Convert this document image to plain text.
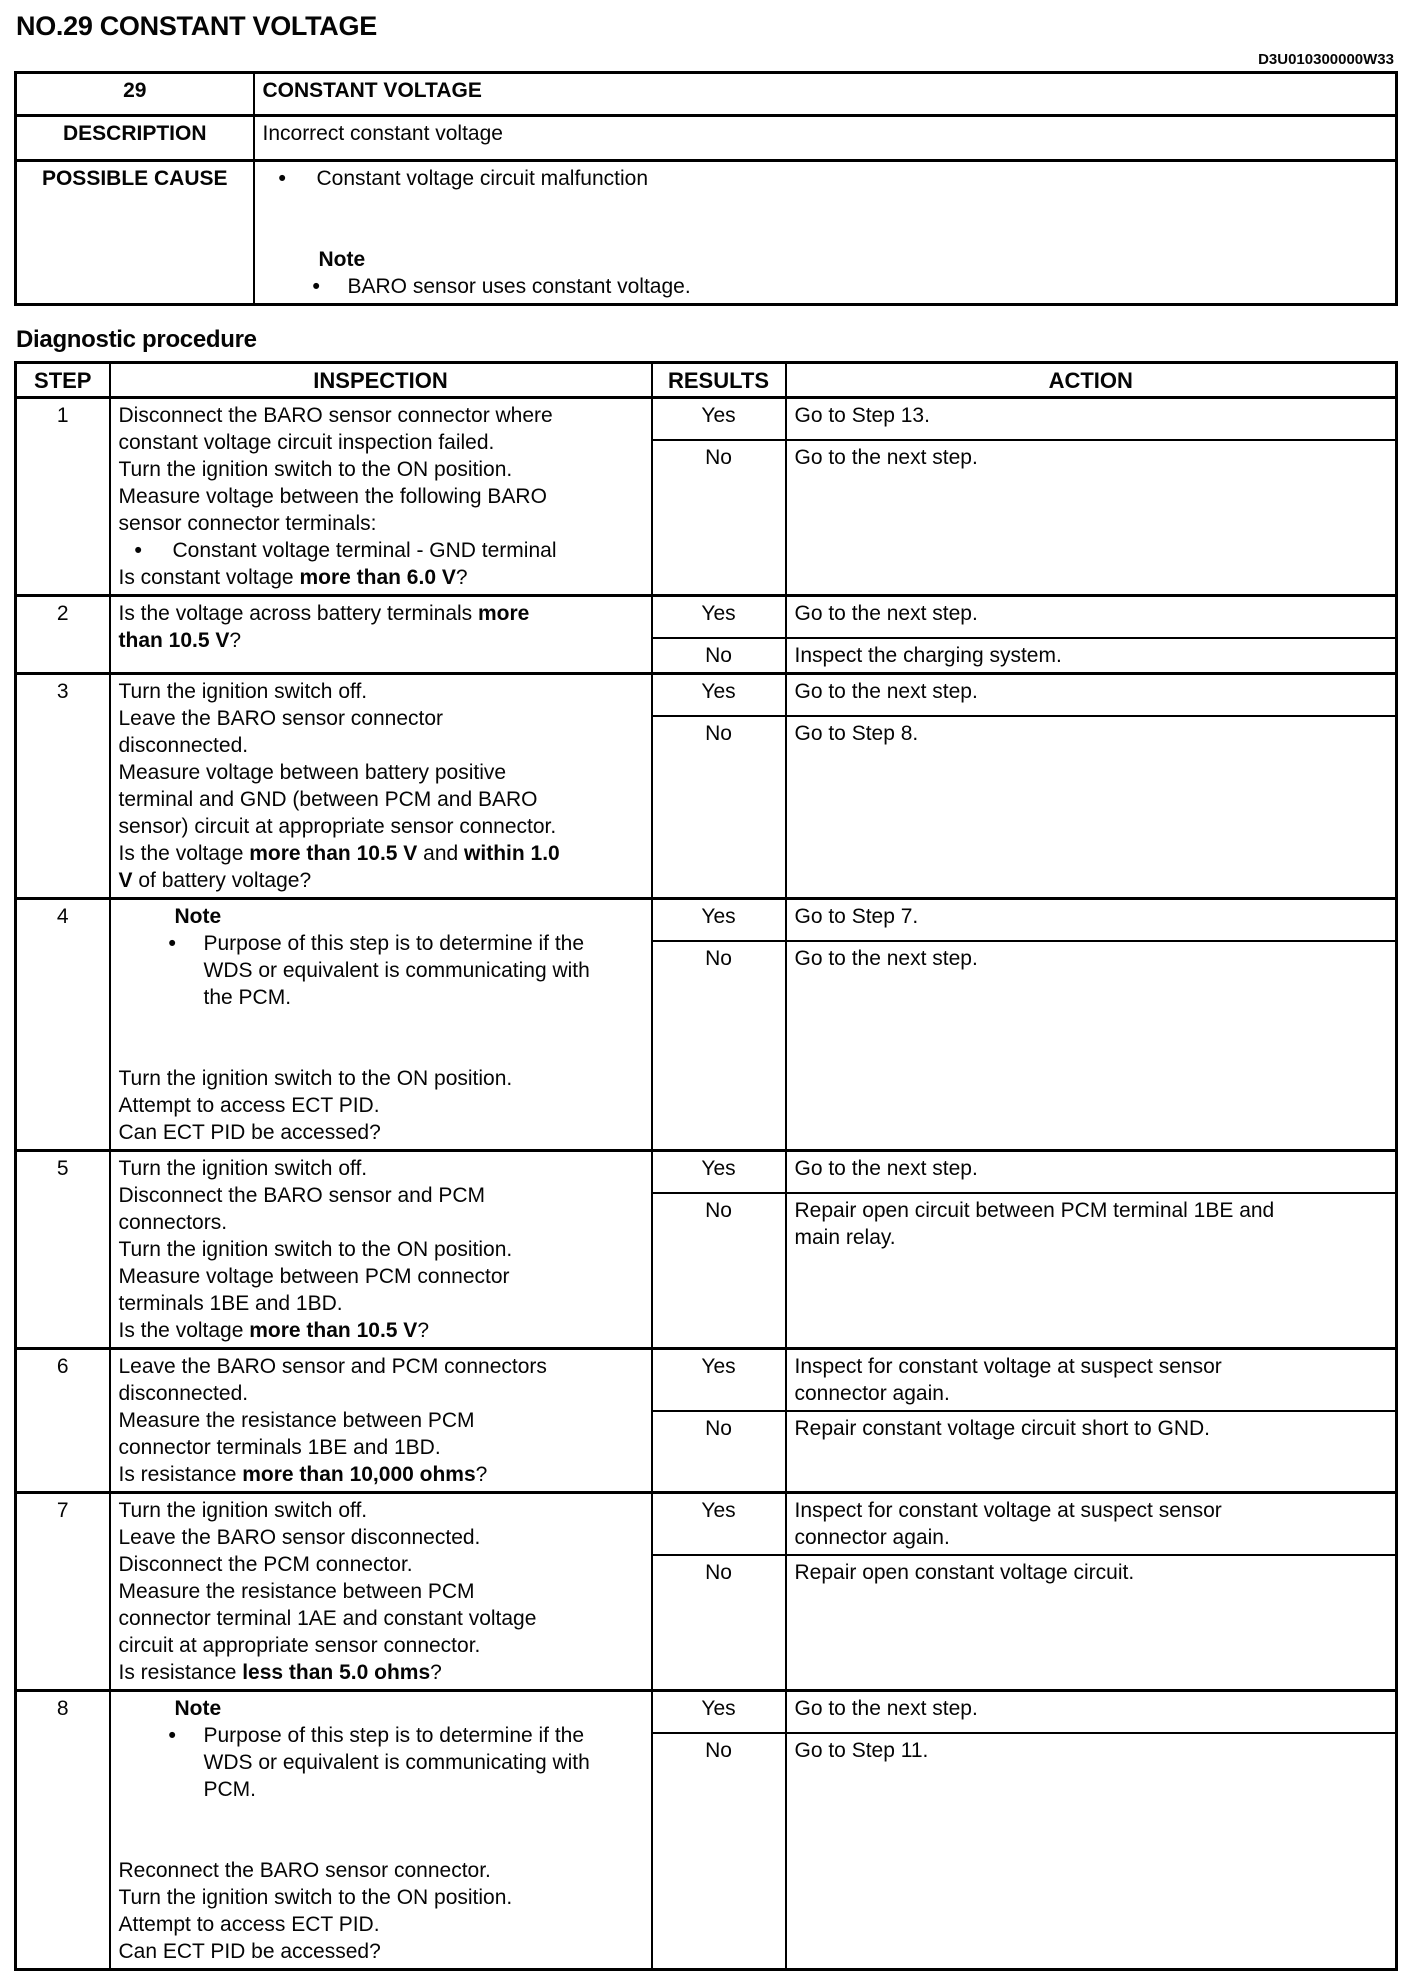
NO.29 CONSTANT VOLTAGE
D3U010300000W33
29	CONSTANT VOLTAGE
DESCRIPTION	Incorrect constant voltage
POSSIBLE CAUSE	• Constant voltage circuit malfunction
Note
• BARO sensor uses constant voltage.
Diagnostic procedure
STEP	INSPECTION	RESULTS	ACTION
1	Disconnect the BARO sensor connector where
constant voltage circuit inspection failed.
Turn the ignition switch to the ON position.
Measure voltage between the following BARO
sensor connector terminals:
•	Constant voltage terminal - GND terminal
Is constant voltage more than 6.0 V?
	Yes	Go to Step 13.

		No	Go to the next step.

2	Is the voltage across battery terminals more
than 10.5 V?	Yes	Go to the next step.

		No	Inspect the charging system.

3	Turn the ignition switch off.
Leave the BARO sensor connector
disconnected.
Measure voltage between battery positive
terminal and GND (between PCM and BARO
sensor) circuit at appropriate sensor connector.
Is the voltage more than 10.5 V and within 1.0
V of battery voltage?
	Yes	Go to the next step.

		No	Go to Step 8.

4	Note
•	Purpose of this step is to determine if the
WDS or equivalent is communicating with
the PCM.
Turn the ignition switch to the ON position.
Attempt to access ECT PID.
Can ECT PID be accessed?
	Yes	Go to Step 7.

		No	Go to the next step.

5	Turn the ignition switch off.
Disconnect the BARO sensor and PCM
connectors.
Turn the ignition switch to the ON position.
Measure voltage between PCM connector
terminals 1BE and 1BD.
Is the voltage more than 10.5 V?
	Yes	Go to the next step.

		No	Repair open circuit between PCM terminal 1BE and
main relay.

6	Leave the BARO sensor and PCM connectors
disconnected.
Measure the resistance between PCM
connector terminals 1BE and 1BD.
Is resistance more than 10,000 ohms?
	Yes	Inspect for constant voltage at suspect sensor
connector again.

		No	Repair constant voltage circuit short to GND.

7	Turn the ignition switch off.
Leave the BARO sensor disconnected.
Disconnect the PCM connector.
Measure the resistance between PCM
connector terminal 1AE and constant voltage
circuit at appropriate sensor connector.
Is resistance less than 5.0 ohms?
	Yes	Inspect for constant voltage at suspect sensor
connector again.

		No	Repair open constant voltage circuit.

8	Note
•	Purpose of this step is to determine if the
WDS or equivalent is communicating with
PCM.
Reconnect the BARO sensor connector.
Turn the ignition switch to the ON position.
Attempt to access ECT PID.
Can ECT PID be accessed?
	Yes	Go to the next step.

		No	Go to Step 11.
